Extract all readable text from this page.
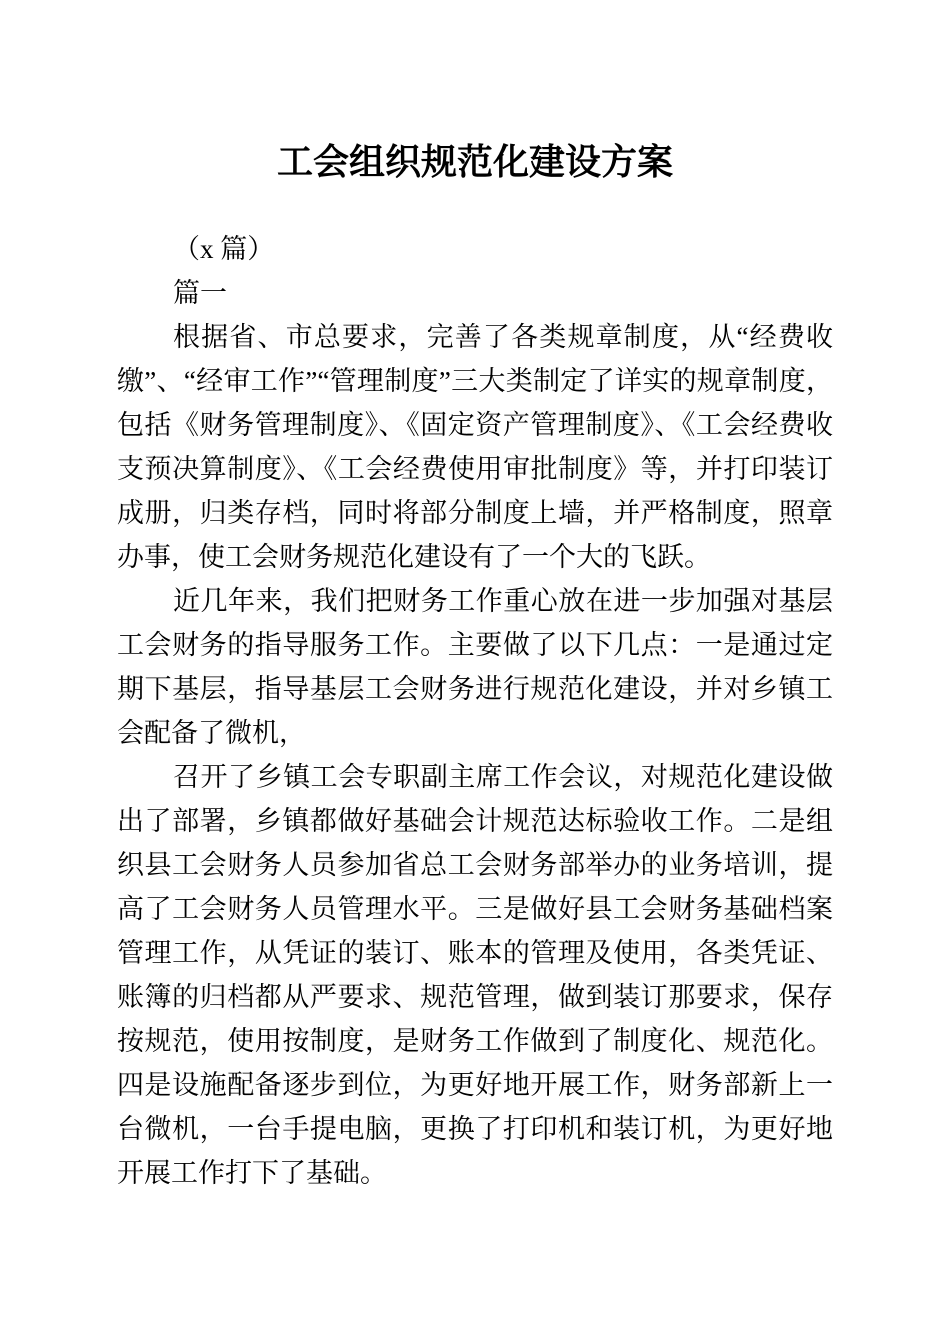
工会组织规范化建设方案

（x 篇）

篇一

根据省、市总要求，完善了各类规章制度，从“经费收缴”、“经审工作”“管理制度”三大类制定了详实的规章制度，包括《财务管理制度》、《固定资产管理制度》、《工会经费收支预决算制度》、《工会经费使用审批制度》等，并打印装订成册，归类存档，同时将部分制度上墙，并严格制度，照章办事，使工会财务规范化建设有了一个大的飞跃。

近几年来，我们把财务工作重心放在进一步加强对基层工会财务的指导服务工作。主要做了以下几点：一是通过定期下基层，指导基层工会财务进行规范化建设，并对乡镇工会配备了微机，

召开了乡镇工会专职副主席工作会议，对规范化建设做出了部署，乡镇都做好基础会计规范达标验收工作。二是组织县工会财务人员参加省总工会财务部举办的业务培训，提高了工会财务人员管理水平。三是做好县工会财务基础档案管理工作，从凭证的装订、账本的管理及使用，各类凭证、账簿的归档都从严要求、规范管理，做到装订那要求，保存按规范，使用按制度，是财务工作做到了制度化、规范化。四是设施配备逐步到位，为更好地开展工作，财务部新上一台微机，一台手提电脑，更换了打印机和装订机，为更好地开展工作打下了基础。
